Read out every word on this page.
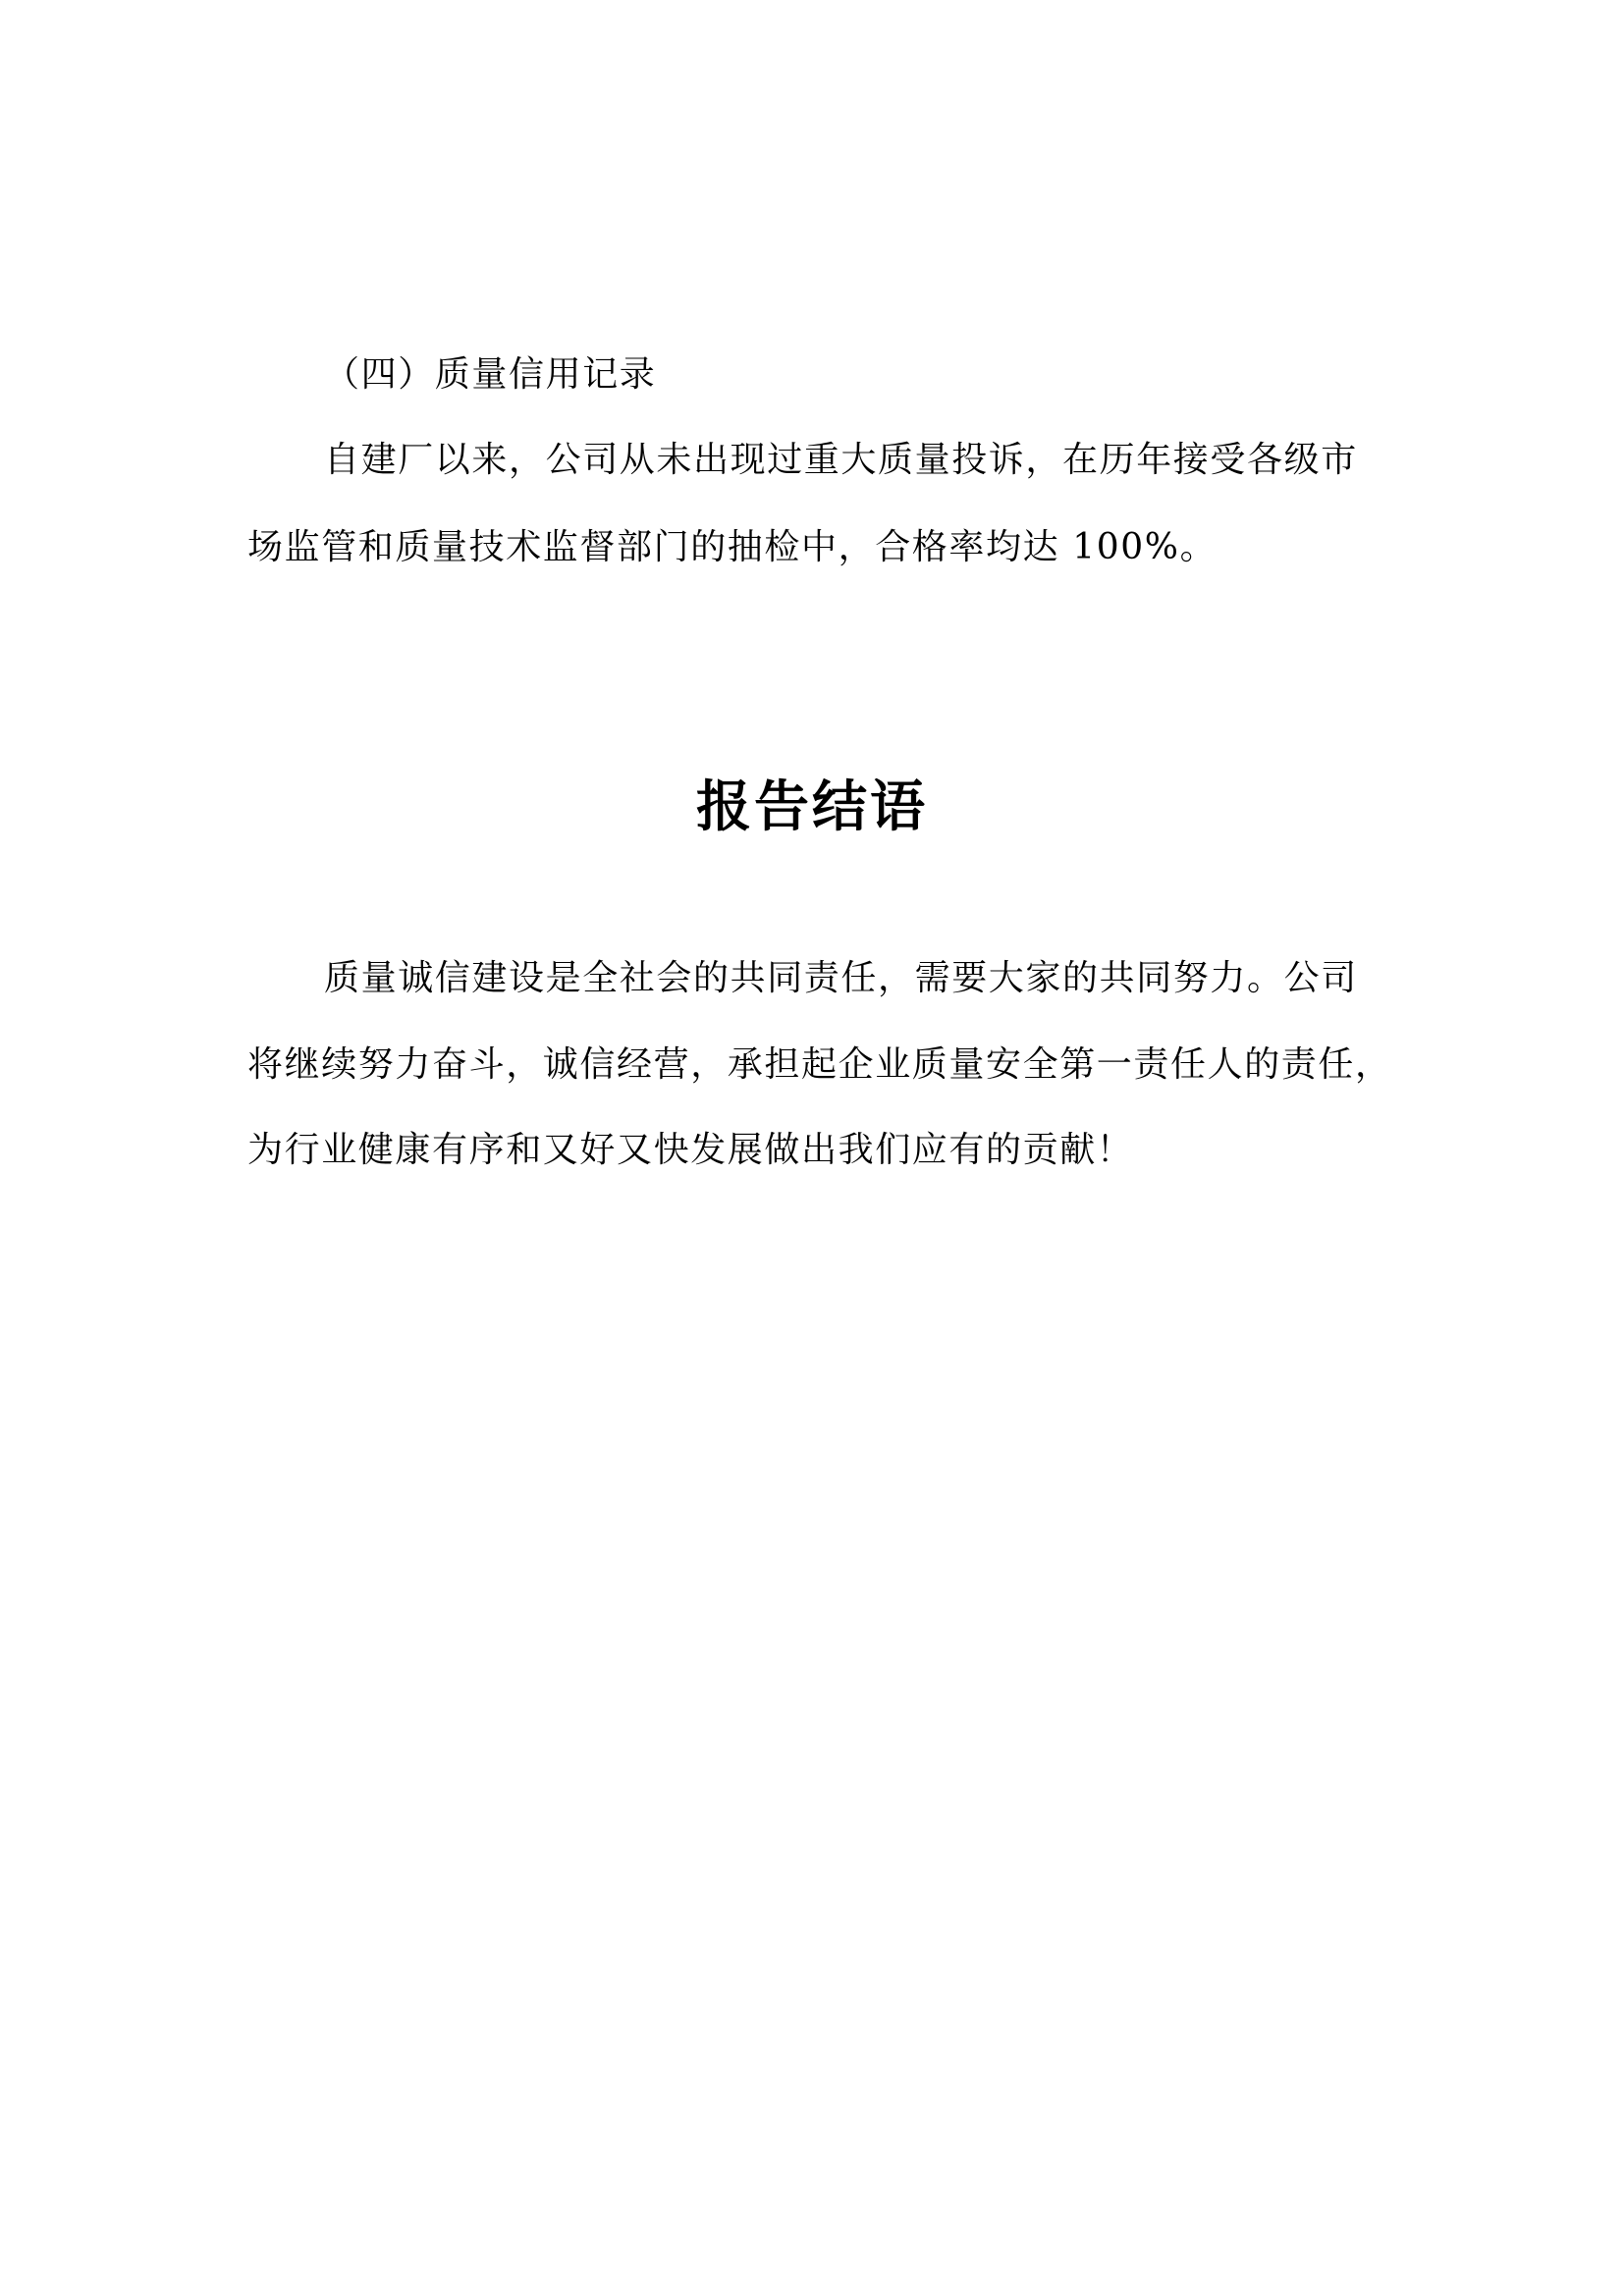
（四）质量信用记录
自建厂以来，公司从未出现过重大质量投诉，在历年接受各级市
场监管和质量技术监督部门的抽检中，合格率均达 100%。
报告结语
质量诚信建设是全社会的共同责任，需要大家的共同努力。公司
将继续努力奋斗，诚信经营，承担起企业质量安全第一责任人的责任，
为行业健康有序和又好又快发展做出我们应有的贡献！
